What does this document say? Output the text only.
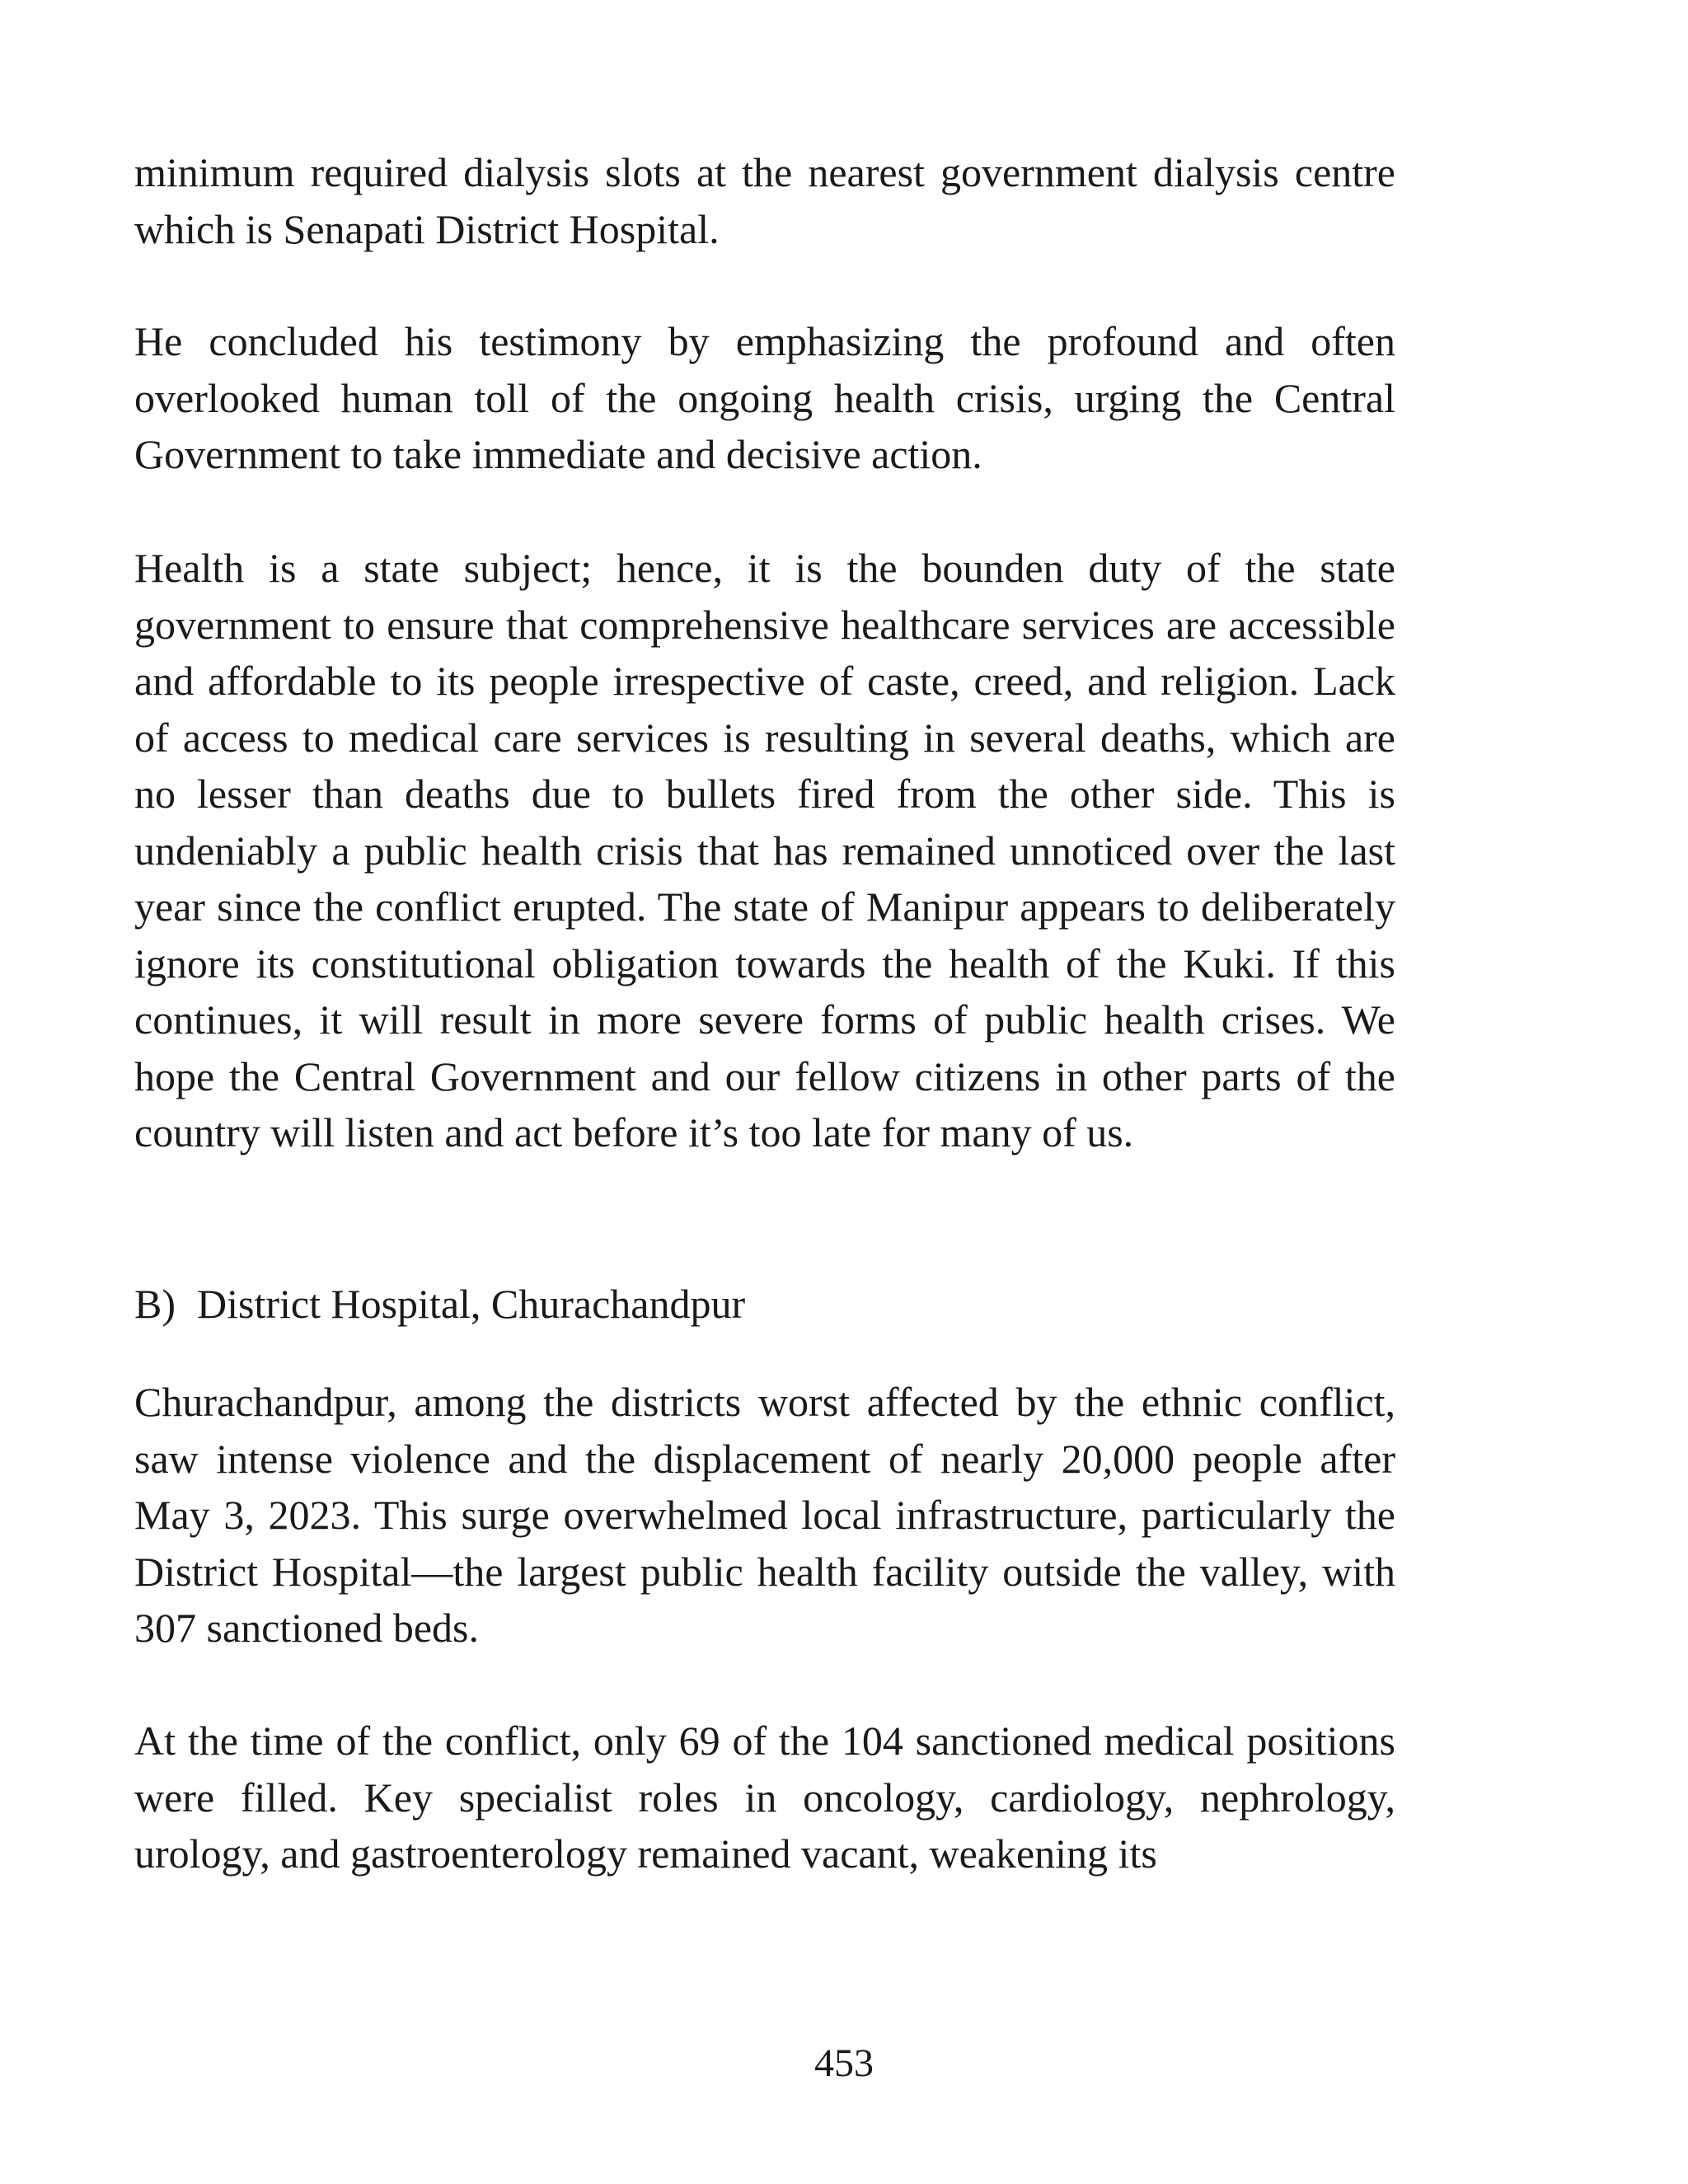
minimum required dialysis slots at the nearest government dialysis centre which is Senapati District Hospital.

He concluded his testimony by emphasizing the profound and often overlooked human toll of the ongoing health crisis, urging the Central Government to take immediate and decisive action.

Health is a state subject; hence, it is the bounden duty of the state government to ensure that comprehensive healthcare services are accessible and affordable to its people irrespective of caste, creed, and religion. Lack of access to medical care services is resulting in several deaths, which are no lesser than deaths due to bullets fired from the other side. This is undeniably a public health crisis that has remained unnoticed over the last year since the conflict erupted. The state of Manipur appears to deliberately ignore its constitutional obligation towards the health of the Kuki. If this continues, it will result in more severe forms of public health crises. We hope the Central Government and our fellow citizens in other parts of the country will listen and act before it’s too late for many of us.

B) District Hospital, Churachandpur

Churachandpur, among the districts worst affected by the ethnic conflict, saw intense violence and the displacement of nearly 20,000 people after May 3, 2023. This surge overwhelmed local infrastructure, particularly the District Hospital—the largest public health facility outside the valley, with 307 sanctioned beds.

At the time of the conflict, only 69 of the 104 sanctioned medical positions were filled. Key specialist roles in oncology, cardiology, nephrology, urology, and gastroenterology remained vacant, weakening its

453
